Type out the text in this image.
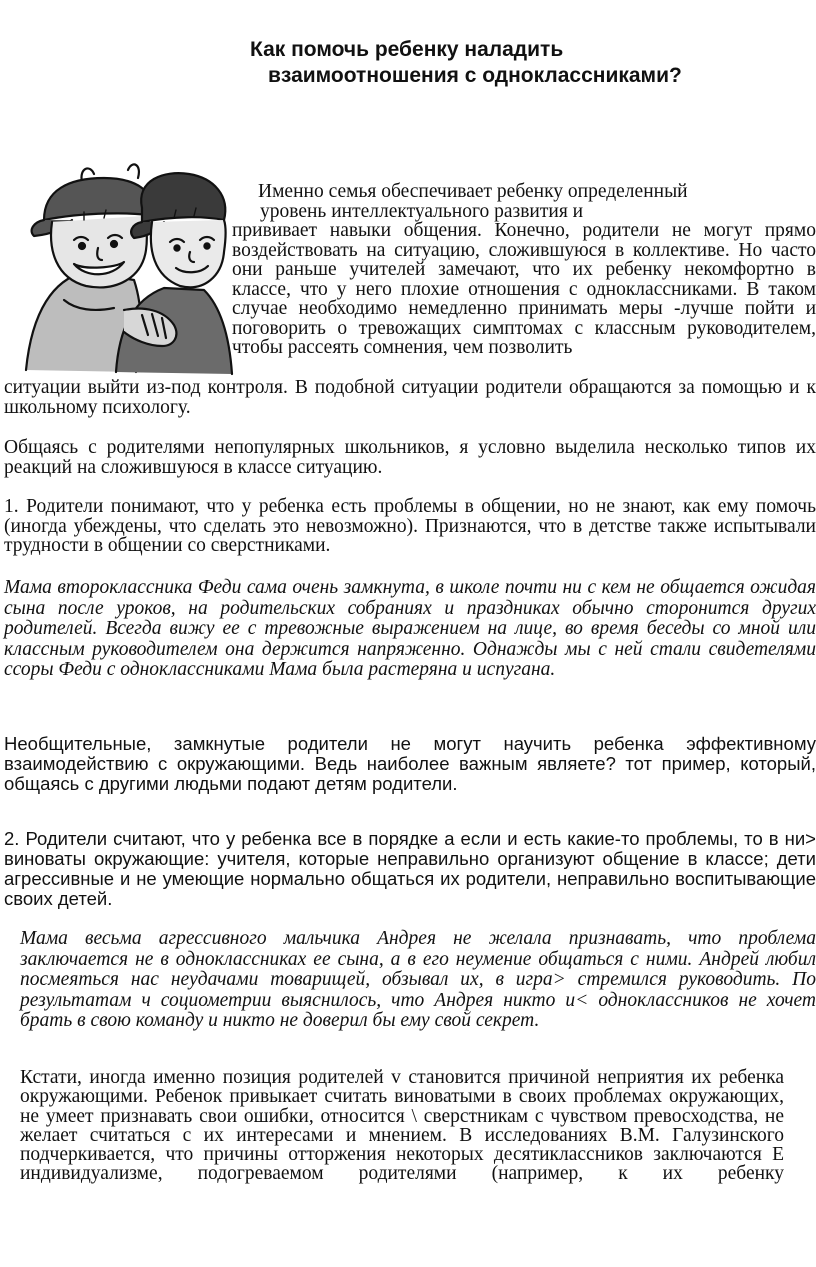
Как помочь ребенку наладить
взаимоотношения с одноклассниками?
Именно семья обеспечивает ребенку определенный
уровень интеллектуального развития и
прививает навыки общения. Конечно, родители не могут прямо воздействовать на ситуацию, сложившуюся в коллективе. Но часто они раньше учителей замечают, что их ребенку некомфортно в классе, что у него плохие отношения с одноклассниками. В таком случае необходимо немедленно принимать меры -лучше пойти и поговорить о тревожащих симптомах с классным руководителем, чтобы рассеять сомнения, чем позволить
ситуации выйти из-под контроля. В подобной ситуации родители обращаются за помощью и к школьному психологу.
Общаясь с родителями непопулярных школьников, я условно выделила несколько типов их реакций на сложившуюся в классе ситуацию.
1. Родители понимают, что у ребенка есть проблемы в общении, но не знают, как ему помочь (иногда убеждены, что сделать это невозможно). Признаются, что в детстве также испытывали трудности в общении со сверстниками.
Мама второклассника Феди сама очень замкнута, в школе почти ни с кем не общается ожидая сына после уроков, на родительских собраниях и праздниках обычно сторонится других родителей. Всегда вижу ее с тревожные выражением на лице, во время беседы со мной или классным руководителем она держится напряженно. Однажды мы с ней стали свидетелями ссоры Феди с одноклассниками Мама была растеряна и испугана.
Необщительные, замкнутые родители не могут научить ребенка эффективному взаимодействию с окружающими. Ведь наиболее важным являете? тот пример, который, общаясь с другими людьми подают детям родители.
2. Родители считают, что у ребенка все в порядке а если и есть какие-то проблемы, то в ни> виноваты окружающие: учителя, которые неправильно организуют общение в классе; дети агрессивные и не умеющие нормально общаться их родители, неправильно воспитывающие своих детей.
Мама весьма агрессивного мальчика Андрея не желала признавать, что проблема заключается не в одноклассниках ее сына, а в его неумение общаться с ними. Андрей любил посмеяться нас неудачами товарищей, обзывал их, в игра> стремился руководить. По результатам ч социометрии выяснилось, что Андрея никто и< одноклассников не хочет брать в свою команду и никто не доверил бы ему свой секрет.
Кстати, иногда именно позиция родителей v становится причиной неприятия их ребенка окружающими. Ребенок привыкает считать виноватыми в своих проблемах окружающих, не умеет признавать свои ошибки, относится \ сверстникам с чувством превосходства, не желает считаться с их интересами и мнением. В исследованиях В.М. Галузинского подчеркивается, что причины отторжения некоторых десятиклассников заключаются E индивидуализме, подогреваемом родителями (например, к их ребенку
